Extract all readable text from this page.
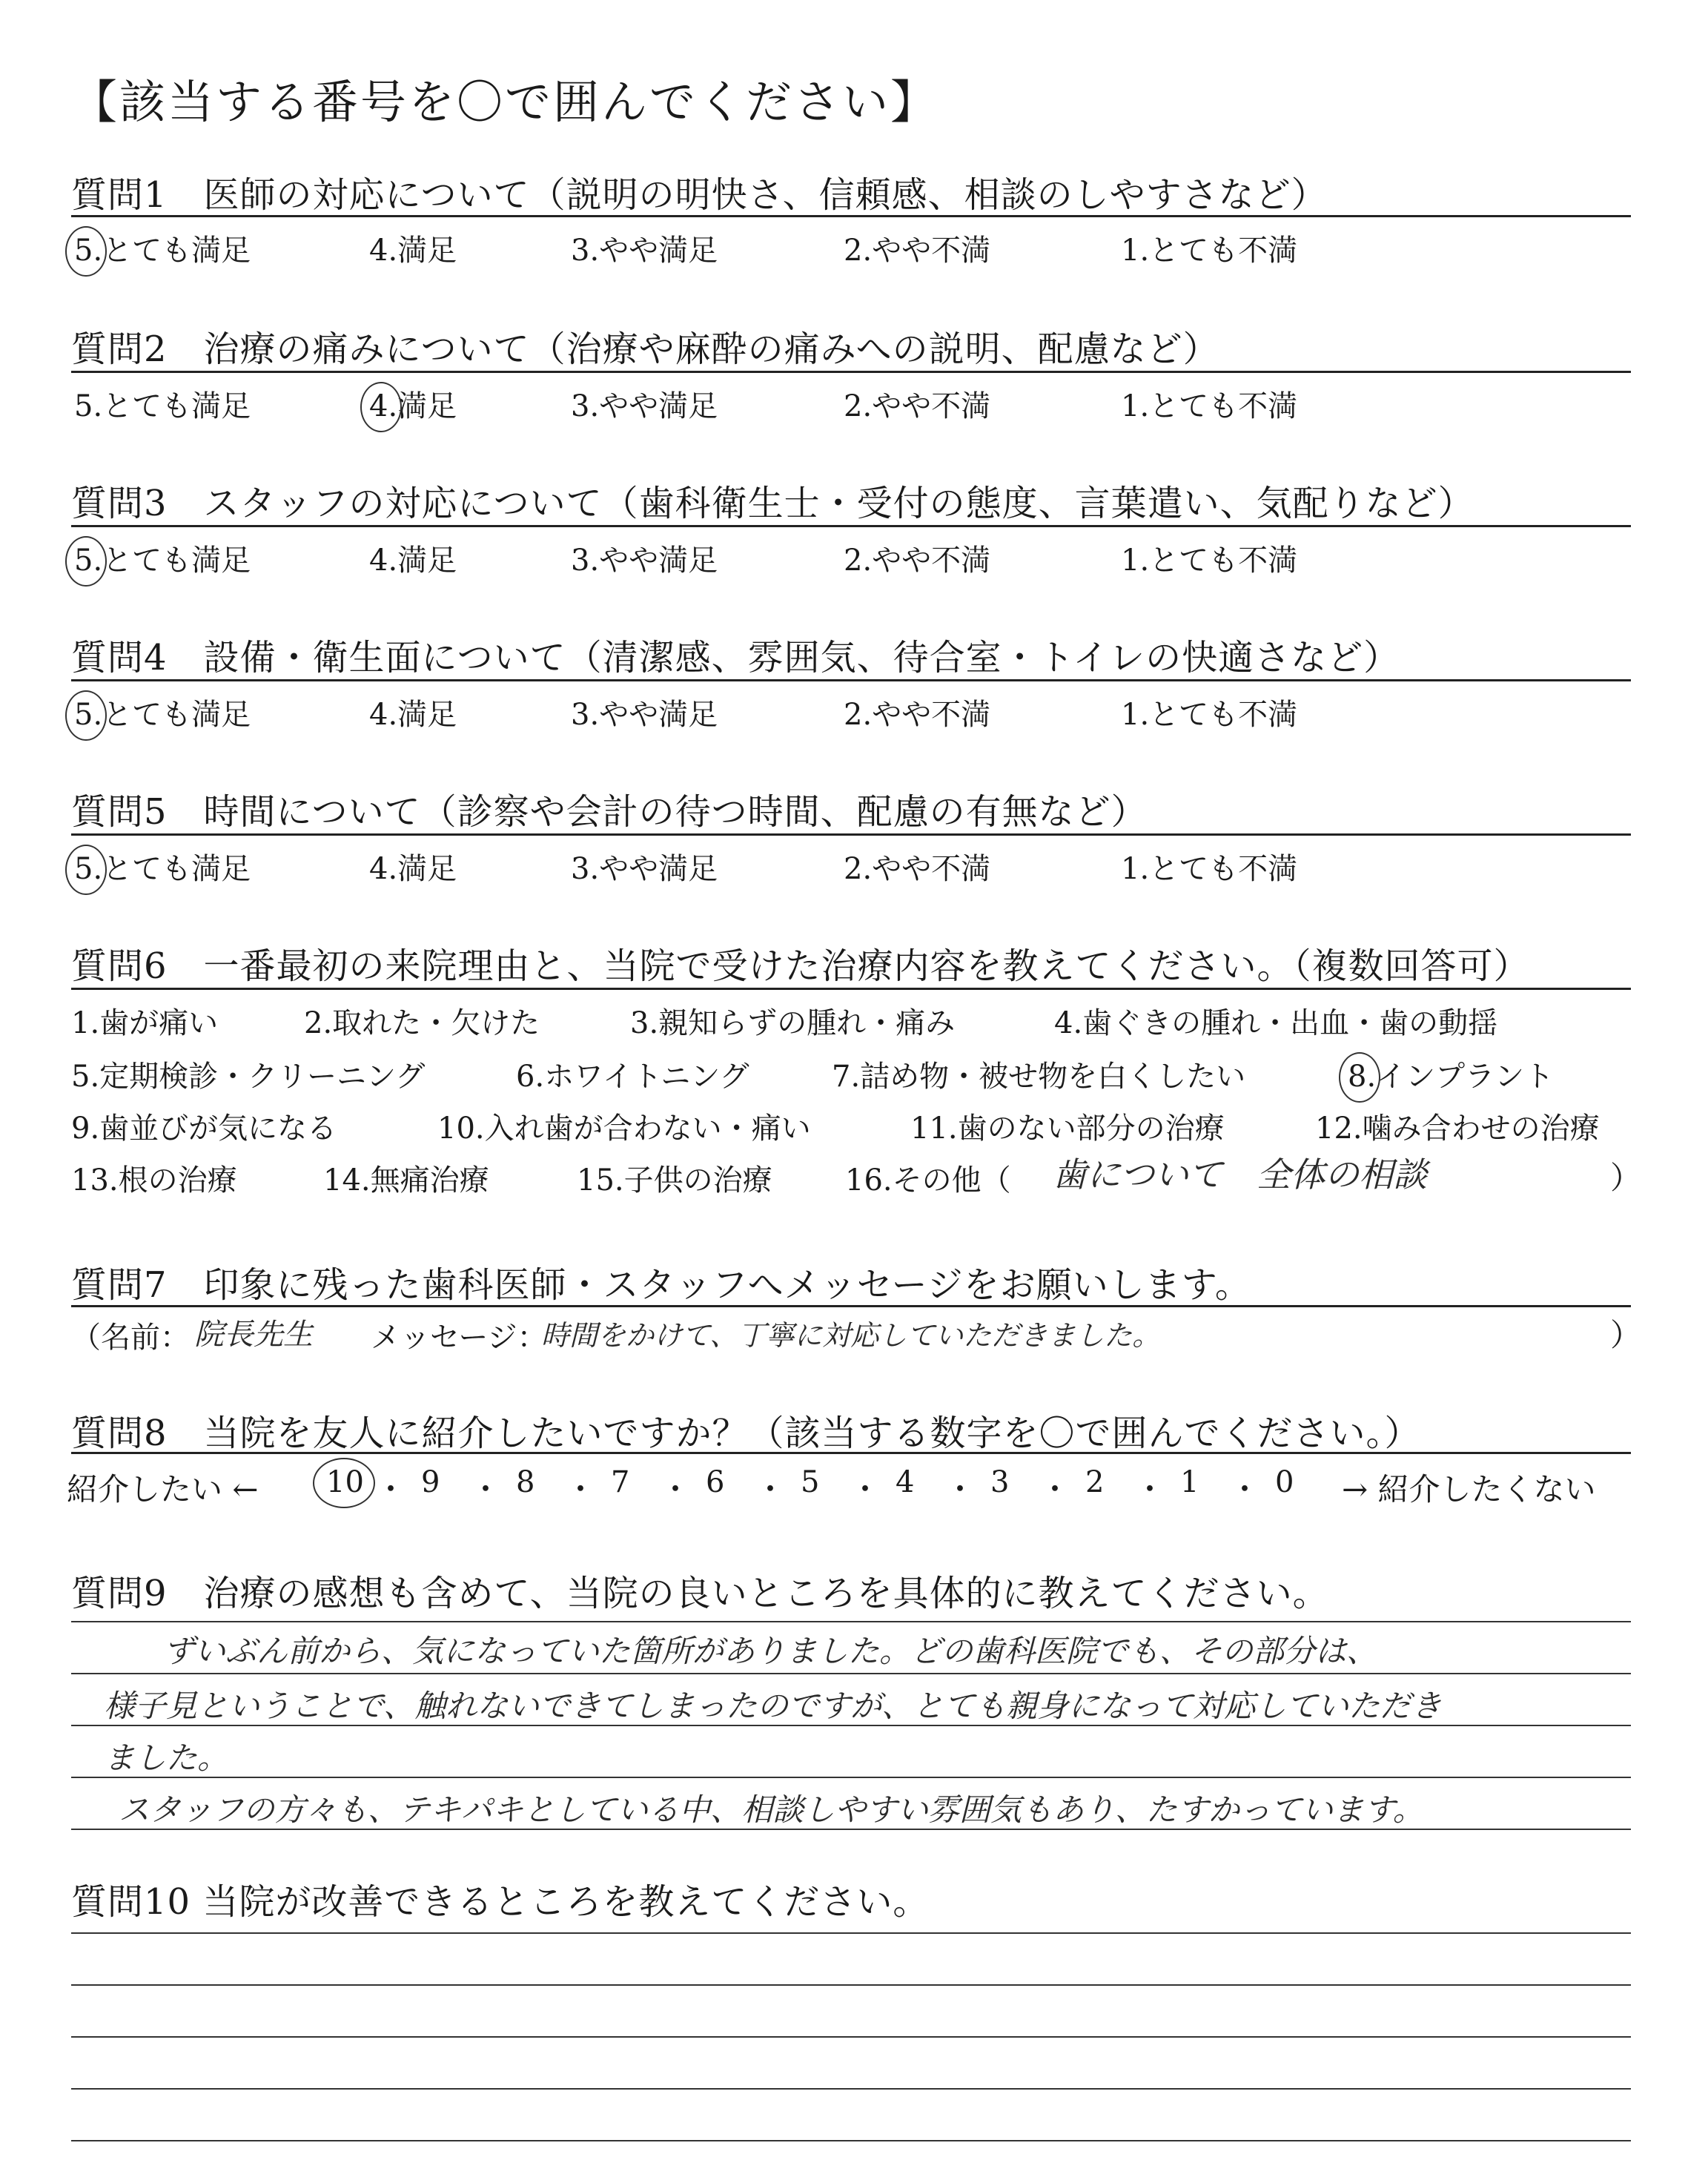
【該当する番号を〇で囲んでください】
質問1　医師の対応について（説明の明快さ、信頼感、相談のしやすさなど）
5.とても満足	4.満足	3.やや満足	2.やや不満	1.とても不満
質問2　治療の痛みについて（治療や麻酔の痛みへの説明、配慮など）
5.とても満足	4.満足	3.やや満足	2.やや不満	1.とても不満
質問3　スタッフの対応について（歯科衛生士・受付の態度、言葉遣い、気配りなど）
5.とても満足	4.満足	3.やや満足	2.やや不満	1.とても不満
質問4　設備・衛生面について（清潔感、雰囲気、待合室・トイレの快適さなど）
5.とても満足	4.満足	3.やや満足	2.やや不満	1.とても不満
質問5　時間について（診察や会計の待つ時間、配慮の有無など）
5.とても満足	4.満足	3.やや満足	2.やや不満	1.とても不満
質問6　一番最初の来院理由と、当院で受けた治療内容を教えてください。（複数回答可）
1.歯が痛い	2.取れた・欠けた	3.親知らずの腫れ・痛み	4.歯ぐきの腫れ・出血・歯の動揺
5.定期検診・クリーニング	6.ホワイトニング	7.詰め物・被せ物を白くしたい	8.インプラント
9.歯並びが気になる	10.入れ歯が合わない・痛い	11.歯のない部分の治療	12.噛み合わせの治療
13.根の治療	14.無痛治療	15.子供の治療 16.その他（ 歯について　全体の相談	）
質問7　印象に残った歯科医師・スタッフへメッセージをお願いします。
（名前： 院長先生 メッセージ：
時間をかけて、丁寧に対応していただきました。	）
質問8　当院を友人に紹介したいですか？（該当する数字を〇で囲んでください。）
紹介したい ← 10 ・ 9 ・ 8 ・ 7 ・ 6 ・ 5 ・ 4 ・ 3 ・ 2 ・ 1 ・ 0 → 紹介したくない
質問9　治療の感想も含めて、当院の良いところを具体的に教えてください。
ずいぶん前から、気になっていた箇所がありました。どの歯科医院でも、その部分は、
様子見ということで、触れないできてしまったのですが、とても親身になって対応していただき
ました。
スタッフの方々も、テキパキとしている中、相談しやすい雰囲気もあり、たすかっています。
質問10 当院が改善できるところを教えてください。
